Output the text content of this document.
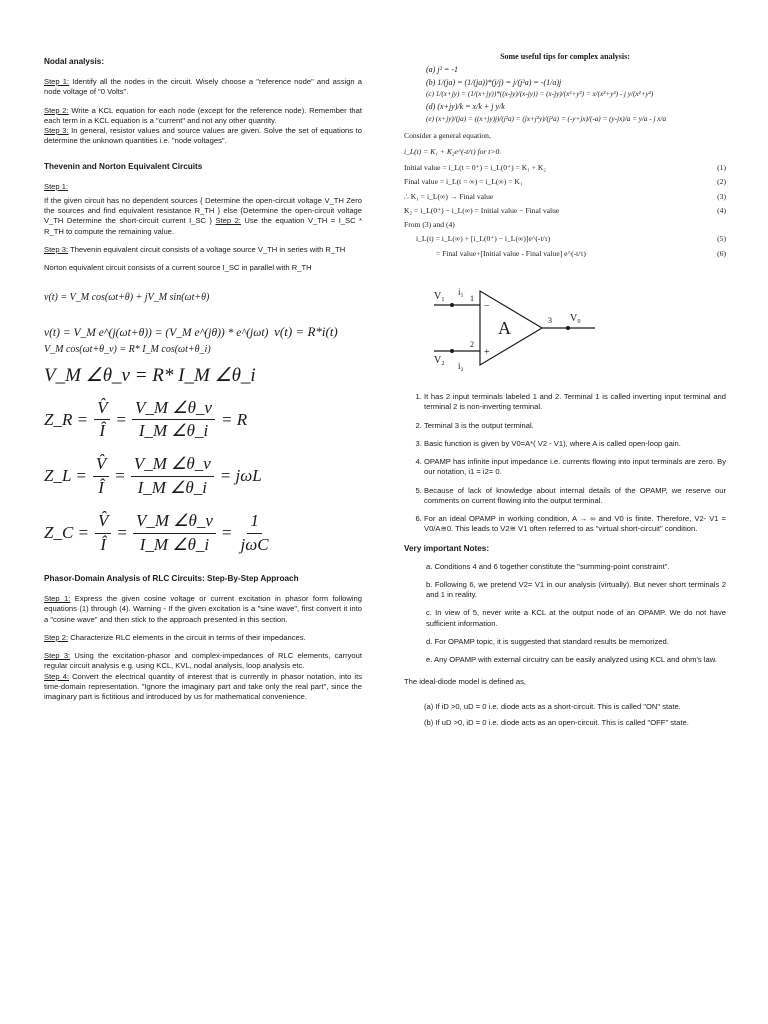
Nodal analysis:

Step 1: Identify all the nodes in the circuit. Wisely choose a "reference node" and assign a node voltage of "0 Volts".

Step 2: Write a KCL equation for each node (except for the reference node). Remember that each term in a KCL equation is a "current" and not any other quantity.
Step 3: In general, resistor values and source values are given. Solve the set of equations to determine the unknown quantities i.e. "node voltages".

Thevenin and Norton Equivalent Circuits

Step 1:

If the given circuit has no dependent sources { Determine the open-circuit voltage V_TH Zero the sources and find equivalent resistance R_TH } else {Determine the open-circuit voltage V_TH Determine the short-circuit current I_SC } Step 2: Use the equation V_TH = I_SC * R_TH to compute the remaining value.

Step 3: Thevenin equivalent circuit consists of a voltage source V_TH in series with R_TH

Norton equivalent circuit consists of a current source I_SC in parallel with R_TH

v(t) = V_M cos(ωt+θ) + jV_M sin(ωt+θ)
v(t) = V_M e^(j(ωt+θ)) = (V_M e^(jθ)) * e^(jωt) v(t) = R*i(t)
V_M cos(ωt+θ_v) = R* I_M cos(ωt+θ_i)
V_M ∠θ_v = R* I_M ∠θ_i
Z_R = $\frac{V̂}{Î} = \frac{V\_M \angle\theta\_v}{I\_M \angle\theta\_i} = R$
Z_L = $\frac{V̂}{Î} = \frac{V\_M \angle\theta\_v}{I\_M \angle\theta\_i} = j\omega L$
Z_C = $\frac{V̂}{Î} = \frac{V\_M \angle\theta\_v}{I\_M \angle\theta\_i} = \frac{1}{\text{jωC}}$
Phasor-Domain Analysis of RLC Circuits: Step-By-Step Approach

Step 1: Express the given cosine voltage or current excitation in phasor form following equations (1) through (4). Warning - If the given excitation is a "sine wave", first convert it into a "cosine wave" and then stick to the approach presented in this section.

Step 2: Characterize RLC elements in the circuit in terms of their impedances.

Step 3: Using the excitation-phasor and complex-impedances of RLC elements, carryout regular circuit analysis e.g. using KCL, KVL, nodal analysis, loop analysis etc.
Step 4: Convert the electrical quantity of interest that is currently in phasor notation, into its time-domain representation. "Ignore the imaginary part and take only the real part", since the imaginary part is fictitious and introduced by us for mathematical convenience.

Some useful tips for complex analysis:
(a) j² = -1
(b) 1/(ja) = (1/(ja))*(j/j) = j/(j²a) = -(1/a)j
(c) 1/(x+jy) = (1/(x+jy))*((x-jy)/(x-jy)) = (x-jy)/(x²+y²) = x/(x²+y²) - j y/(x²+y²)
(d) (x+jy)/k = x/k + j y/k
(e) (x+jy)/(ja) = ((x+jy)j)/(j²a) = (jx+j²y)/(j²a) = (-y+jx)/(-a) = (y-jx)/a = y/a - j x/a
Consider a general equation,
i_L(t) = K₁ + K₂e^(-t/τ) for t>0.
Initial value = i_L(t = 0⁺) = i_L(0⁺) = K₁ + K₂	(1)
Final value = i_L(t = ∞) = i_L(∞) = K₁	(2)
∴ K₁ = i_L(∞) → Final value	(3)
K₂ = i_L(0⁺) − i_L(∞) = Initial value − Final value	(4)
From (3) and (4)
i_L(t) = i_L(∞) + [i_L(0⁺) − i_L(∞)]e^(-t/τ)	(5)
= Final value+[Initial value - Final value] e^(-t/τ)	(6)
V₁ i₁
V₂ i₂
1
2
3
−
+
A	V₀
1. It has 2 input terminals labeled 1 and 2. Terminal 1 is called inverting input terminal and terminal 2 is non-inverting terminal.
2. Terminal 3 is the output terminal.
3. Basic function is given by V0=A*( V2 - V1), where A is called open-loop gain.
4. OPAMP has infinite input impedance i.e. currents flowing into input terminals are zero. By our notation, i1 = i2= 0.
5. Because of lack of knowledge about internal details of the OPAMP, we reserve our comments on current flowing into the output terminal.
6. For an ideal OPAMP in working condition, A → ∞ and V0 is finite. Therefore, V2- V1 = V0/A≅0. This leads to V2≅ V1 often referred to as "virtual short-circuit" condition.
Very important Notes:
a. Conditions 4 and 6 together constitute the "summing-point constraint".
b. Following 6, we pretend V2= V1 in our analysis (virtually). But never short terminals 2 and 1 in reality.
c. In view of 5, never write a KCL at the output node of an OPAMP. We do not have sufficient information.
d. For OPAMP topic, it is suggested that standard results be memorized.
e. Any OPAMP with external circuitry can be easily analyzed using KCL and ohm's law.

The ideal-diode model is defined as,

(a) If iD >0, uD = 0 i.e. diode acts as a short-circuit. This is called "ON" state.

(b) If uD >0, iD = 0 i.e. diode acts as an open-circuit. This is called "OFF" state.
